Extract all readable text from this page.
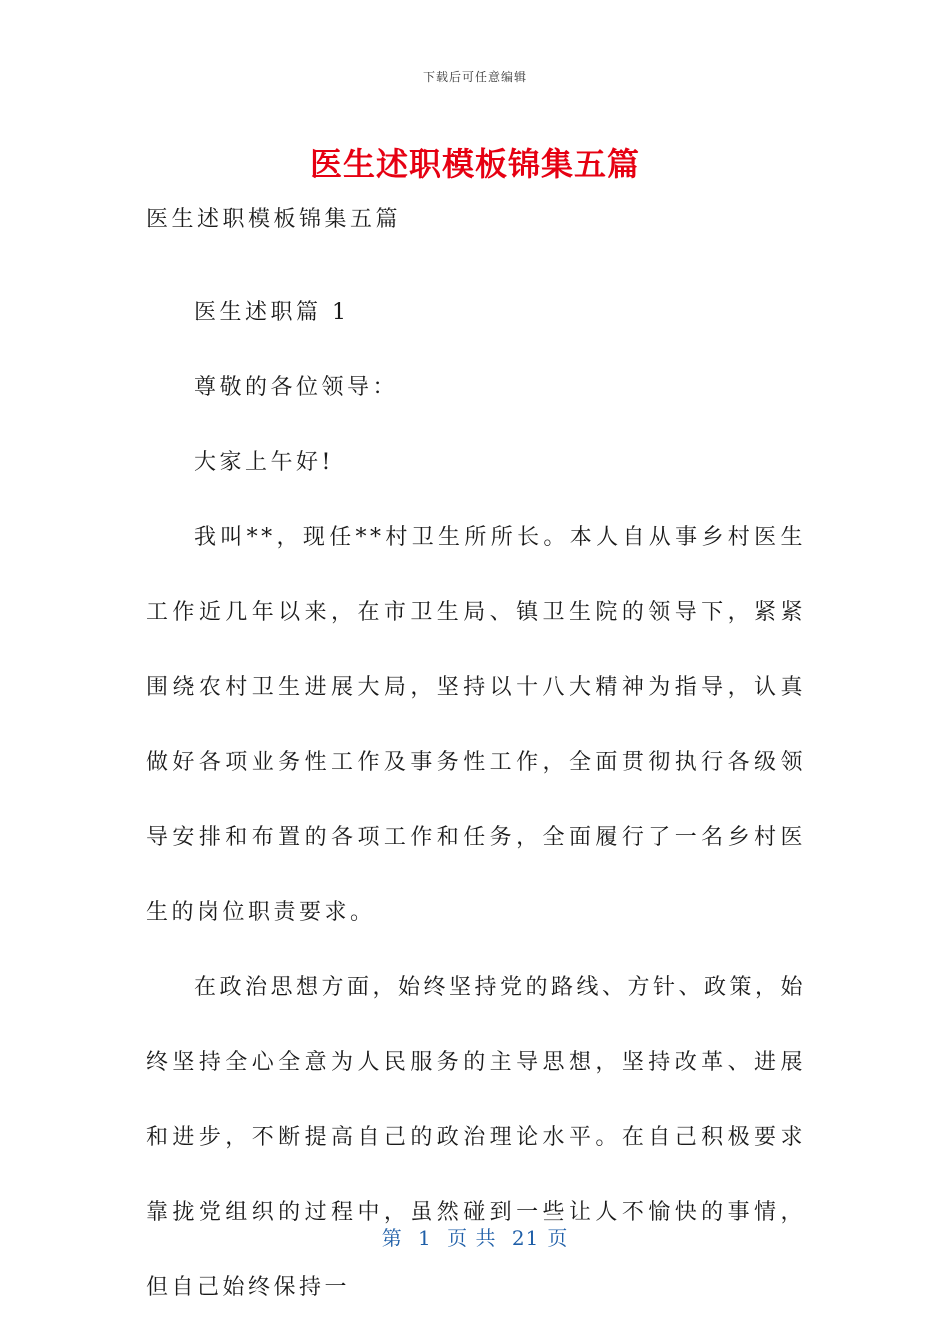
下载后可任意编辑
医生述职模板锦集五篇

医生述职模板锦集五篇

医生述职篇 1

尊敬的各位领导：

大家上午好!

我叫**，现任**村卫生所所长。本人自从事乡村医生工作近几年以来，在市卫生局、镇卫生院的领导下，紧紧围绕农村卫生进展大局，坚持以十八大精神为指导，认真做好各项业务性工作及事务性工作，全面贯彻执行各级领导安排和布置的各项工作和任务，全面履行了一名乡村医生的岗位职责要求。

在政治思想方面，始终坚持党的路线、方针、政策，始终坚持全心全意为人民服务的主导思想，坚持改革、进展和进步，不断提高自己的政治理论水平。在自己积极要求靠拢党组织的过程中，虽然碰到一些让人不愉快的事情，但自己始终保持一

第 1 页 共 21 页
